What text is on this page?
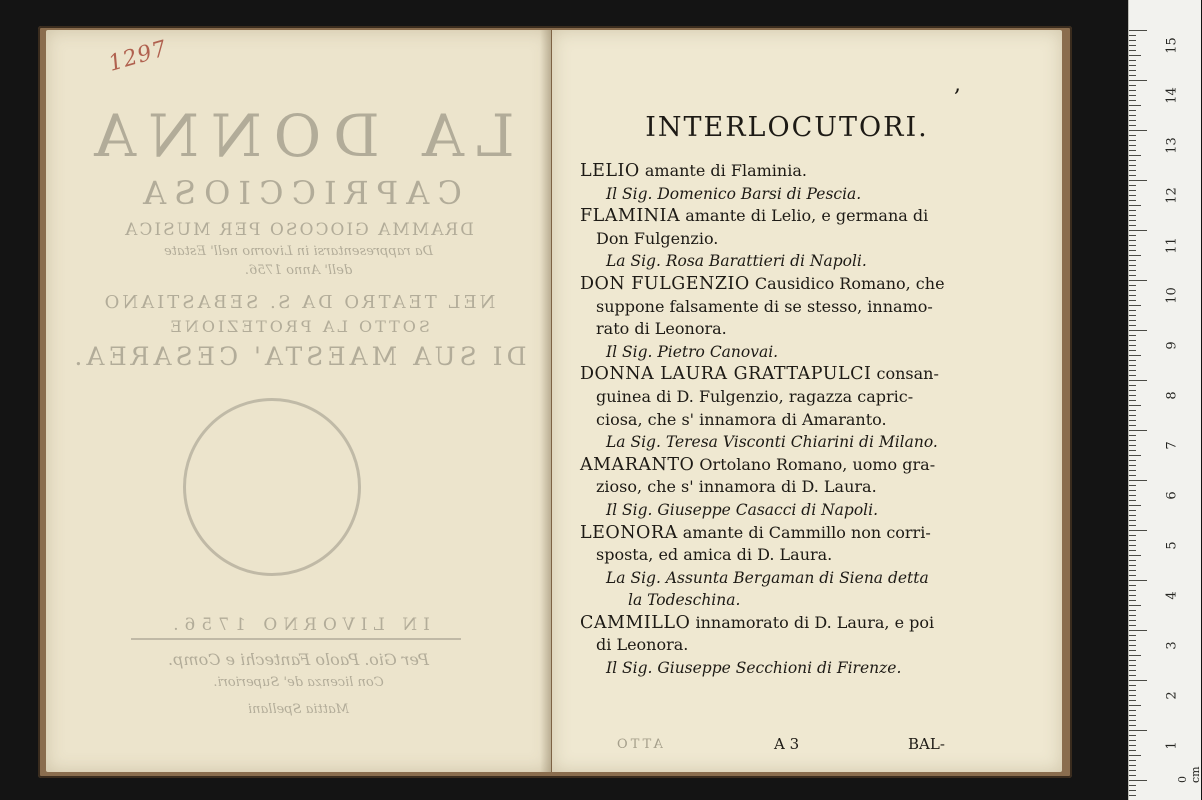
LA DONNA
CAPRICCIOSA
DRAMMA GIOCOSO PER MUSICA
Da rappresentarsi in Livorno nell' Estate
dell' Anno 1756.
NEL TEATRO DA S. SEBASTIANO
SOTTO LA PROTEZIONE
DI SUA MAESTA' CESAREA.
IN LIVORNO 1756.
Per Gio. Paolo Fantechi e Comp.
Con licenza de' Superiori.
Mattia Spellani
1297
,
INTERLOCUTORI.
LELIO amante di Flaminia.
Il Sig. Domenico Barsi di Pescia.
FLAMINIA amante di Lelio, e germana di
Don Fulgenzio.
La Sig. Rosa Barattieri di Napoli.
DON FULGENZIO Causidico Romano, che
suppone falsamente di se stesso, innamo-
rato di Leonora.
Il Sig. Pietro Canovai.
DONNA LAURA GRATTAPULCI consan-
guinea di D. Fulgenzio, ragazza capric-
ciosa, che s' innamora di Amaranto.
La Sig. Teresa Visconti Chiarini di Milano.
AMARANTO Ortolano Romano, uomo gra-
zioso, che s' innamora di D. Laura.
Il Sig. Giuseppe Casacci di Napoli.
LEONORA amante di Cammillo non corri-
sposta, ed amica di D. Laura.
La Sig. Assunta Bergaman di Siena detta
la Todeschina.
CAMMILLO innamorato di D. Laura, e poi
di Leonora.
Il Sig. Giuseppe Secchioni di Firenze.
ATTO	A 3	BAL-
0 cm
15
14
13
12
11
10
9
8
7
6
5
4
3
2
1
